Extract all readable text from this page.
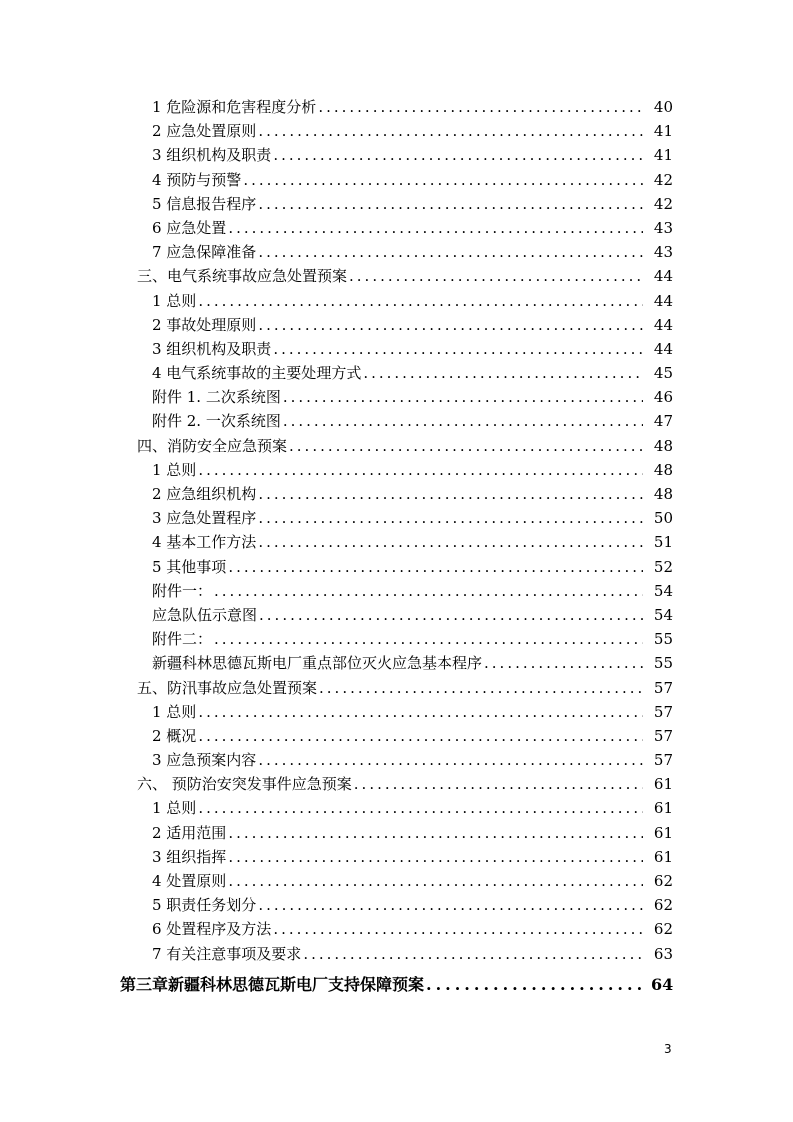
1 危险源和危害程度分析 .....	40
2 应急处置原则 .....	41
3 组织机构及职责 .....	41
4 预防与预警 .....	42
5 信息报告程序 .....	42
6 应急处置 .....	43
7 应急保障准备 .....	43
三、电气系统事故应急处置预案 .....	44
1 总则 .....	44
2 事故处理原则 .....	44
3 组织机构及职责 .....	44
4 电气系统事故的主要处理方式 .....	45
附件 1. 二次系统图 .....	46
附件 2. 一次系统图 .....	47
四、消防安全应急预案 .....	48
1 总则 .....	48
2 应急组织机构 .....	48
3 应急处置程序 .....	50
4 基本工作方法 .....	51
5 其他事项 .....	52
附件一： .....	54
应急队伍示意图 .....	54
附件二： .....	55
新疆科林思德瓦斯电厂重点部位灭火应急基本程序 .....	55
五、防汛事故应急处置预案 .....	57
1 总则 .....	57
2 概况 .....	57
3 应急预案内容 .....	57
六、 预防治安突发事件应急预案 .....	61
1 总则 .....	61
2 适用范围 .....	61
3 组织指挥 .....	61
4 处置原则 .....	62
5 职责任务划分 .....	62
6 处置程序及方法 .....	62
7 有关注意事项及要求 .....	63
第三章新疆科林思德瓦斯电厂支持保障预案 .....	64
3
